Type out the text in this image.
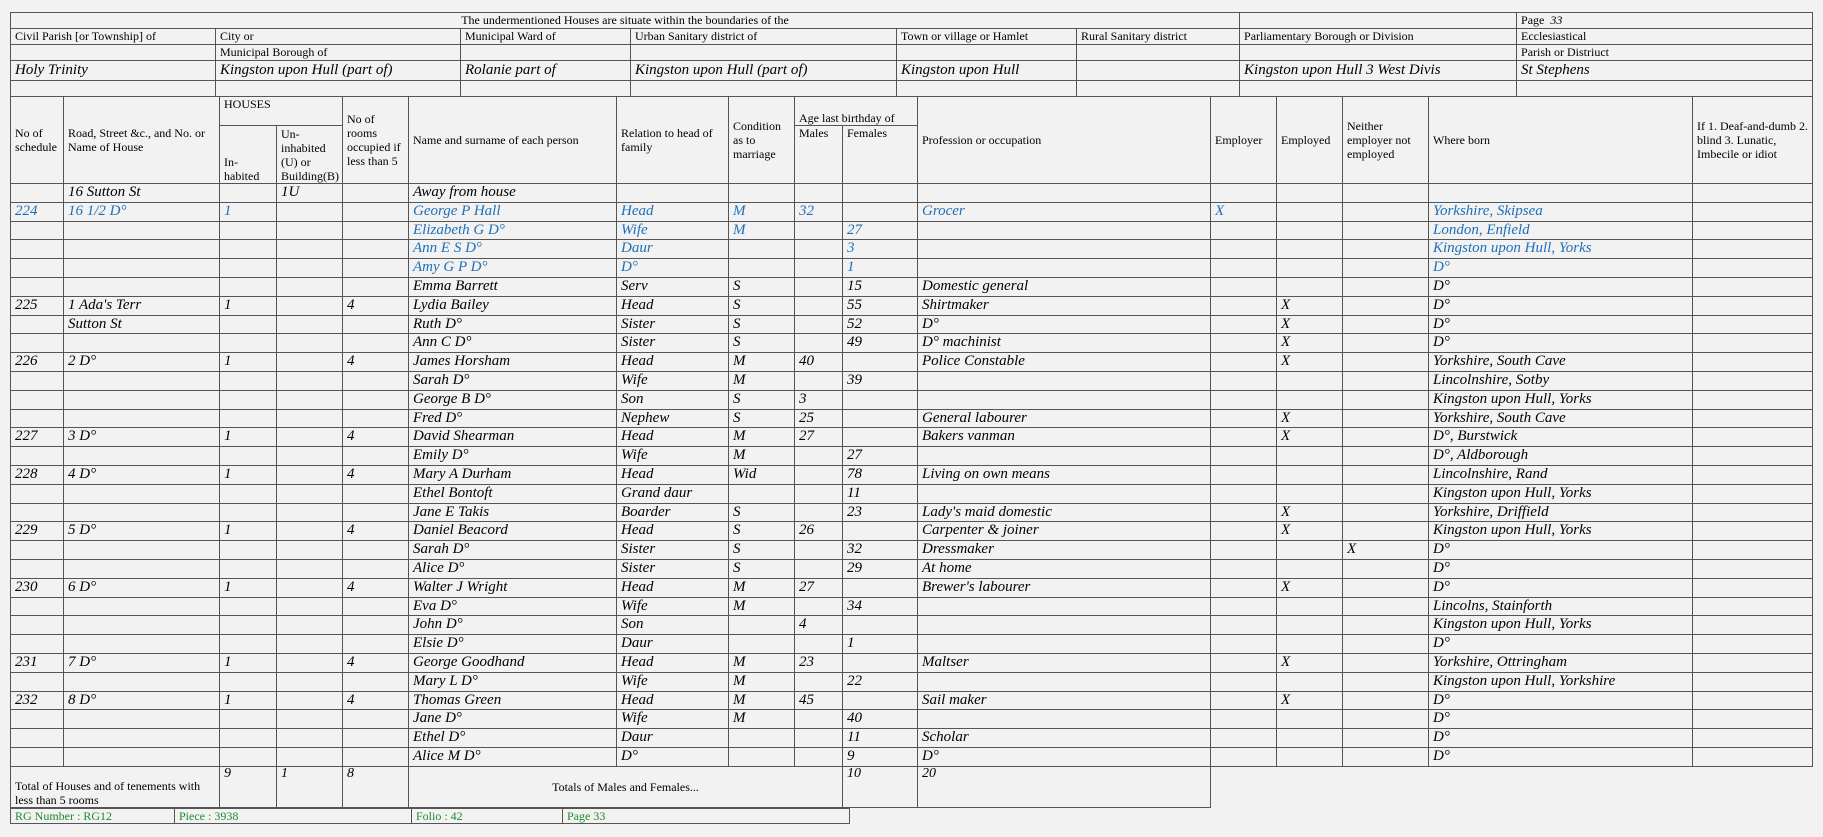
The undermentioned Houses are situate within the boundaries of the							Page 33
Civil Parish [or Township] of	City or	Municipal Ward of	Urban Sanitary district of	Town or village or Hamlet	Rural Sanitary district	Parliamentary Borough or Division	Ecclesiastical
	Municipal Borough of						Parish or Distriuct
Holy Trinity	Kingston upon Hull (part of)	Rolanie part of	Kingston upon Hull (part of)	Kingston upon Hull		Kingston upon Hull 3 West Divis	St Stephens

No of schedule	Road, Street &c., and No. or Name of House	HOUSES		No of rooms occupied if less than 5	Name and surname of each person	Relation to head of family	Condition as to marriage	Age last birthday of		Profession or occupation	Employer	Employed	Neither employer not employed	Where born	If 1. Deaf-and-dumb 2. blind 3. Lunatic, Imbecile or idiot
		In- habited	Un- inhabited (U) or Building(B)					Males	Females						
	16 Sutton St		1U		Away from house										
224	16 1/2 D°	1			George P Hall	Head	M	32		Grocer	X			Yorkshire, Skipsea	
					Elizabeth G D°	Wife	M		27					London, Enfield	
					Ann E S D°	Daur			3					Kingston upon Hull, Yorks	
					Amy G P D°	D°			1					D°	
					Emma Barrett	Serv	S		15	Domestic general				D°	
225	1 Ada's Terr	1		4	Lydia Bailey	Head	S		55	Shirtmaker		X		D°	
	Sutton St				Ruth D°	Sister	S		52	D°		X		D°	
					Ann C D°	Sister	S		49	D° machinist		X		D°	
226	2 D°	1		4	James Horsham	Head	M	40		Police Constable		X		Yorkshire, South Cave	
					Sarah D°	Wife	M		39					Lincolnshire, Sotby	
					George B D°	Son	S	3						Kingston upon Hull, Yorks	
					Fred D°	Nephew	S	25		General labourer		X		Yorkshire, South Cave	
227	3 D°	1		4	David Shearman	Head	M	27		Bakers vanman		X		D°, Burstwick	
					Emily D°	Wife	M		27					D°, Aldborough	
228	4 D°	1		4	Mary A Durham	Head	Wid		78	Living on own means				Lincolnshire, Rand	
					Ethel Bontoft	Grand daur			11					Kingston upon Hull, Yorks	
					Jane E Takis	Boarder	S		23	Lady's maid domestic		X		Yorkshire, Driffield	
229	5 D°	1		4	Daniel Beacord	Head	S	26		Carpenter & joiner		X		Kingston upon Hull, Yorks	
					Sarah D°	Sister	S		32	Dressmaker			X	D°	
					Alice D°	Sister	S		29	At home				D°	
230	6 D°	1		4	Walter J Wright	Head	M	27		Brewer's labourer		X		D°	
					Eva D°	Wife	M		34					Lincolns, Stainforth	
					John D°	Son		4						Kingston upon Hull, Yorks	
					Elsie D°	Daur			1					D°	
231	7 D°	1		4	George Goodhand	Head	M	23		Maltser		X		Yorkshire, Ottringham	
					Mary L D°	Wife	M		22					Kingston upon Hull, Yorkshire	
232	8 D°	1		4	Thomas Green	Head	M	45		Sail maker		X		D°	
					Jane D°	Wife	M		40					D°	
					Ethel D°	Daur			11	Scholar				D°	
					Alice M D°	D°			9	D°				D°	
Total of Houses and of tenements with less than 5 rooms		9	1	8	Totals of Males and Females...				10	20					
RG Number : RG12	Piece : 3938	Folio : 42	Page 33
